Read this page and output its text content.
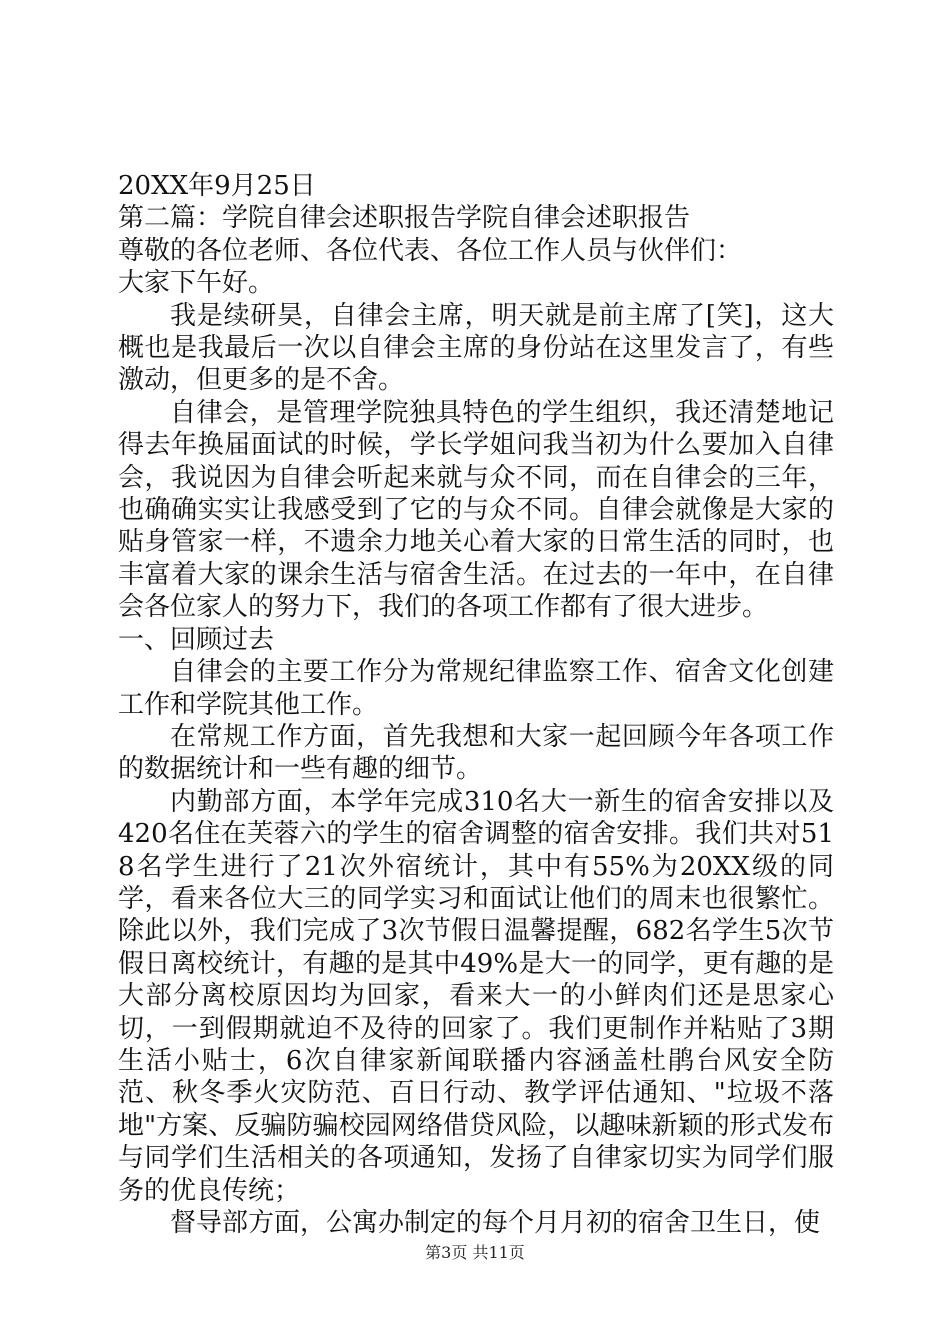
20XX年9月25日

第二篇：学院自律会述职报告学院自律会述职报告

尊敬的各位老师、各位代表、各位工作人员与伙伴们：

大家下午好。

我是续研昊，自律会主席，明天就是前主席了[笑]，这大概也是我最后一次以自律会主席的身份站在这里发言了，有些激动，但更多的是不舍。

自律会，是管理学院独具特色的学生组织，我还清楚地记得去年换届面试的时候，学长学姐问我当初为什么要加入自律会，我说因为自律会听起来就与众不同，而在自律会的三年，也确确实实让我感受到了它的与众不同。自律会就像是大家的贴身管家一样，不遗余力地关心着大家的日常生活的同时，也丰富着大家的课余生活与宿舍生活。在过去的一年中，在自律会各位家人的努力下，我们的各项工作都有了很大进步。

一、回顾过去

自律会的主要工作分为常规纪律监察工作、宿舍文化创建工作和学院其他工作。

在常规工作方面，首先我想和大家一起回顾今年各项工作的数据统计和一些有趣的细节。

内勤部方面，本学年完成310名大一新生的宿舍安排以及420名住在芙蓉六的学生的宿舍调整的宿舍安排。我们共对518名学生进行了21次外宿统计，其中有55%为20XX级的同学，看来各位大三的同学实习和面试让他们的周末也很繁忙。除此以外，我们完成了3次节假日温馨提醒，682名学生5次节假日离校统计，有趣的是其中49%是大一的同学，更有趣的是大部分离校原因均为回家，看来大一的小鲜肉们还是思家心切，一到假期就迫不及待的回家了。我们更制作并粘贴了3期生活小贴士，6次自律家新闻联播内容涵盖杜鹃台风安全防范、秋冬季火灾防范、百日行动、教学评估通知、"垃圾不落地"方案、反骗防骗校园网络借贷风险，以趣味新颖的形式发布与同学们生活相关的各项通知，发扬了自律家切实为同学们服务的优良传统；

督导部方面，公寓办制定的每个月月初的宿舍卫生日，使

第3页 共11页
